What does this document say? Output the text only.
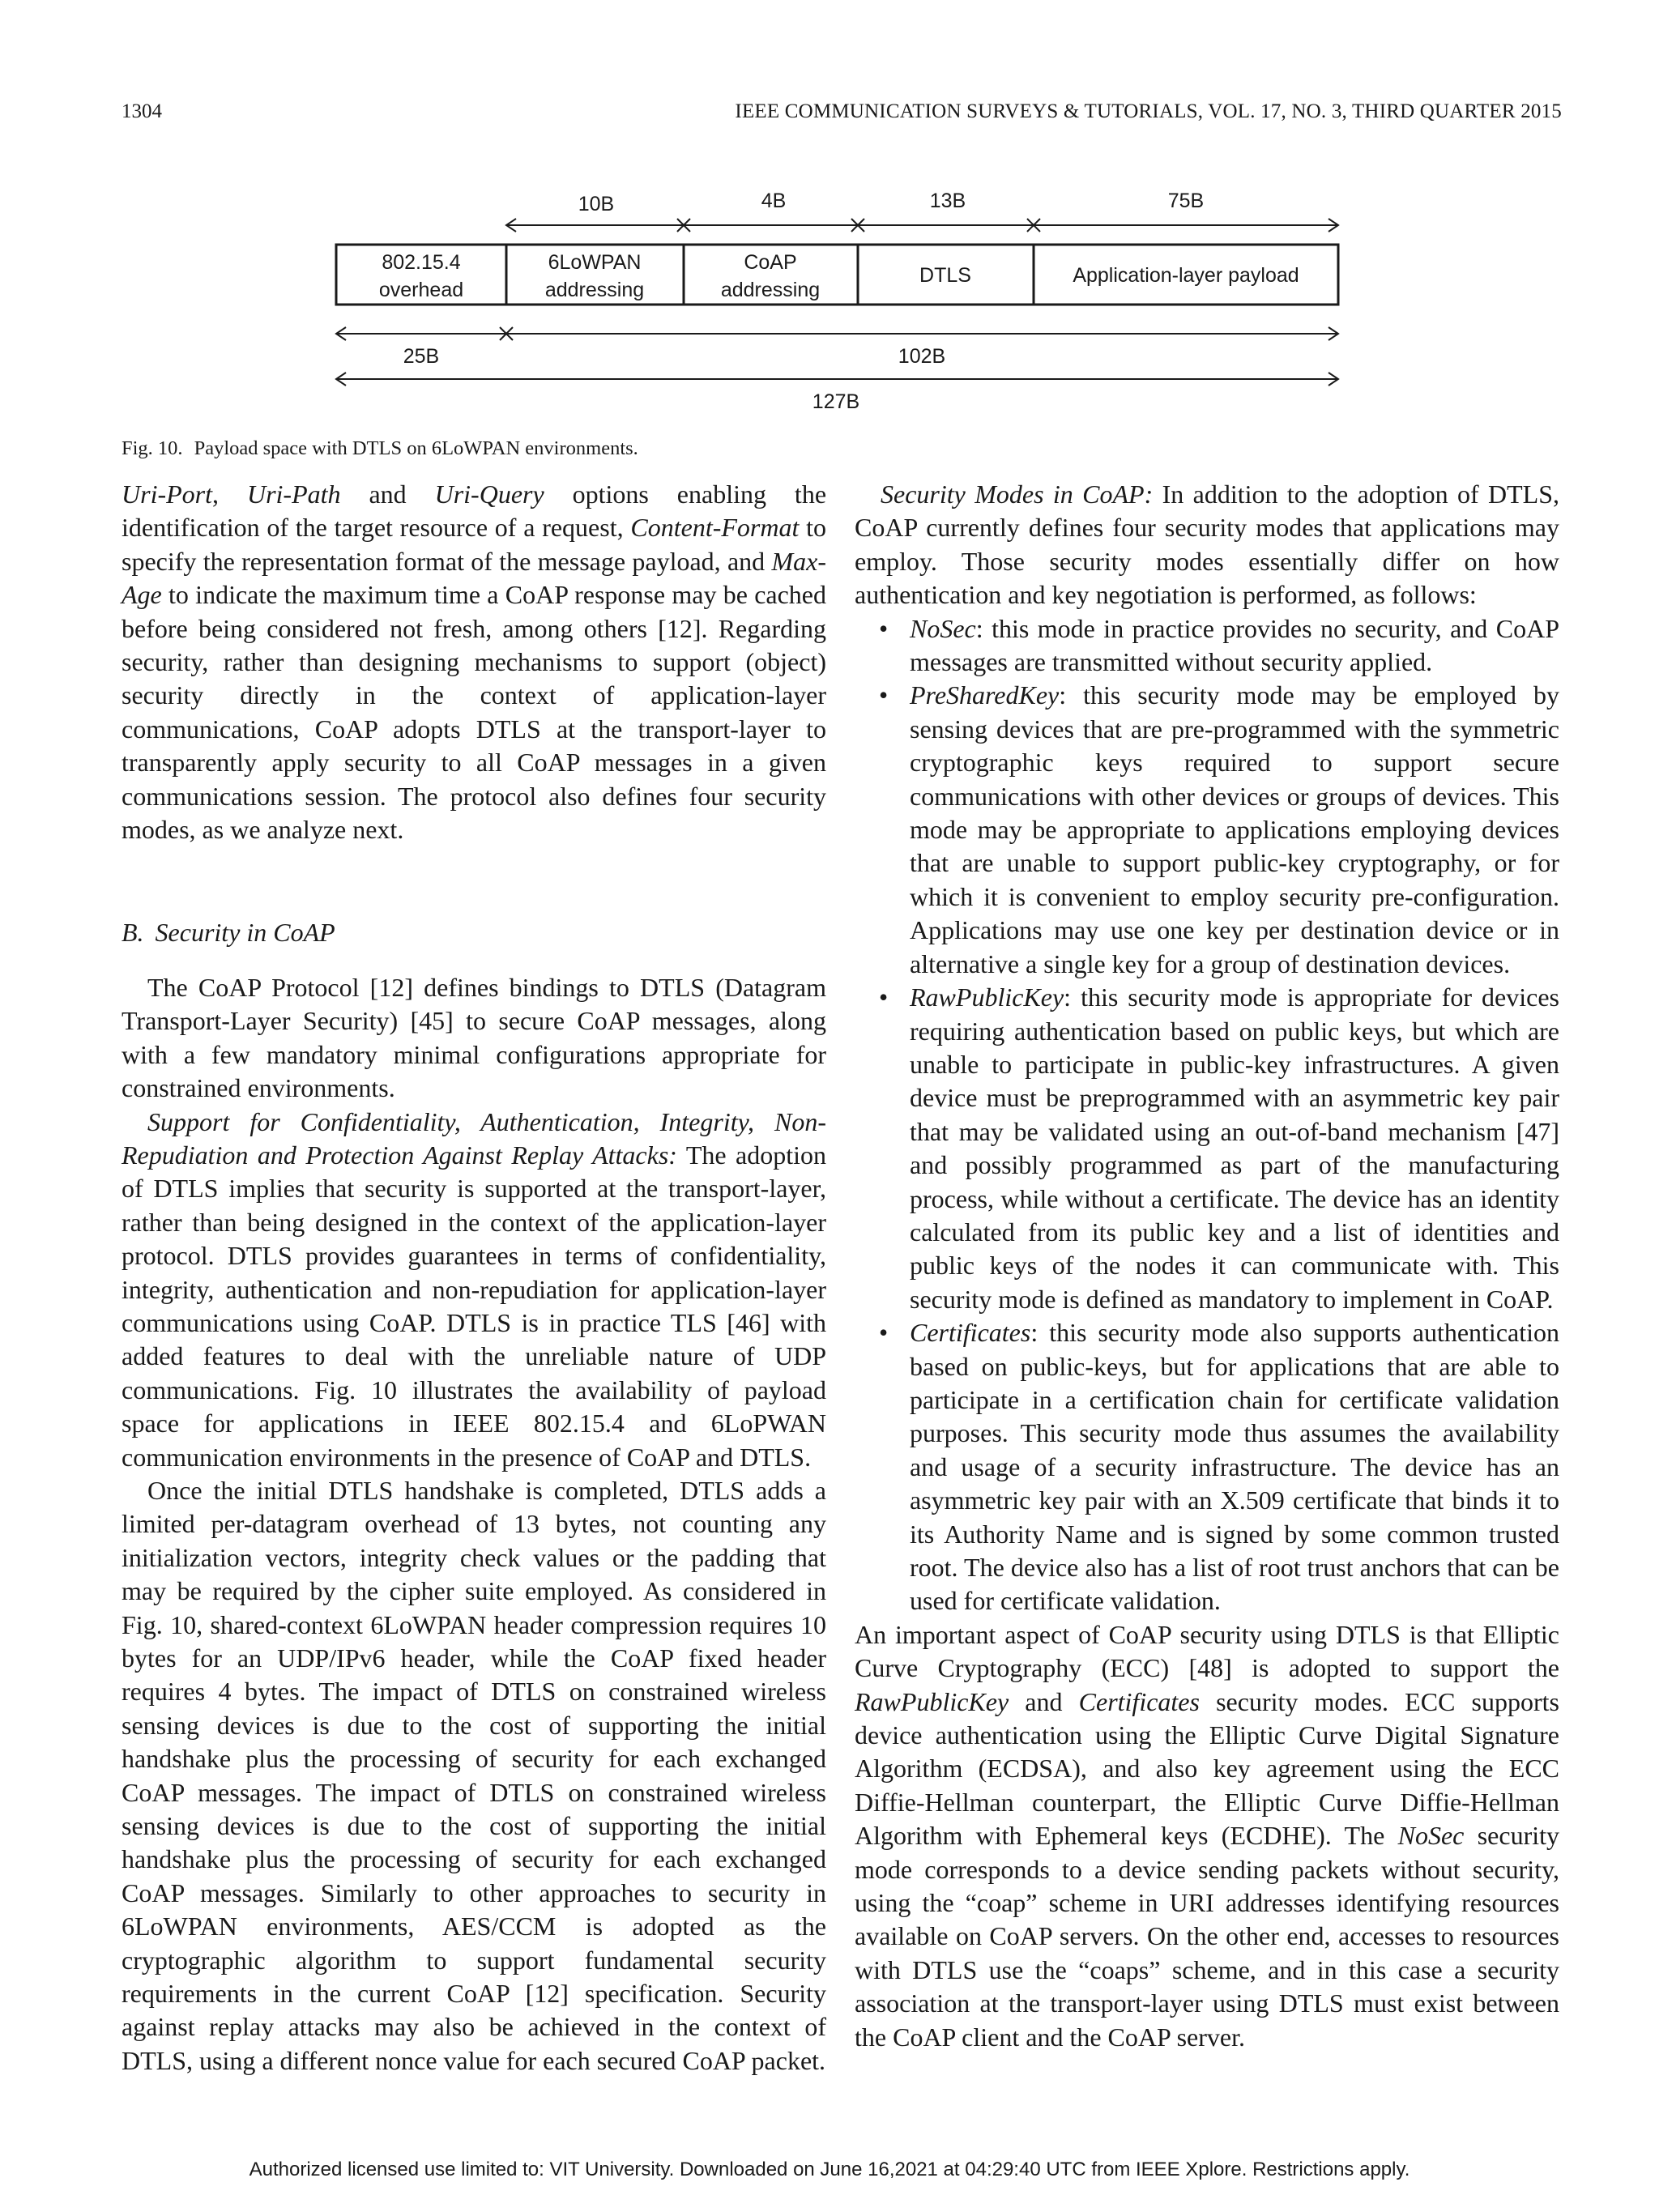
1304	IEEE COMMUNICATION SURVEYS & TUTORIALS, VOL. 17, NO. 3, THIRD QUARTER 2015
10B	4B	13B	75B
802.15.4
overhead
6LoWPAN
addressing
CoAP
addressing
DTLS	Application-layer payload
25B	102B
127B
Fig. 10. Payload space with DTLS on 6LoWPAN environments.

Uri-Port, Uri-Path and Uri-Query options enabling the identification of the target resource of a request, Content-Format to specify the representation format of the message payload, and Max-Age to indicate the maximum time a CoAP response may be cached before being considered not fresh, among others [12]. Regarding security, rather than designing mechanisms to support (object) security directly in the context of application-layer communications, CoAP adopts DTLS at the transport-layer to transparently apply security to all CoAP messages in a given communications session. The protocol also defines four security modes, as we analyze next.

B. Security in CoAP

The CoAP Protocol [12] defines bindings to DTLS (Datagram Transport-Layer Security) [45] to secure CoAP messages, along with a few mandatory minimal configurations appropriate for constrained environments.

Support for Confidentiality, Authentication, Integrity, Non-Repudiation and Protection Against Replay Attacks: The adoption of DTLS implies that security is supported at the transport-layer, rather than being designed in the context of the application-layer protocol. DTLS provides guarantees in terms of confidentiality, integrity, authentication and non-repudiation for application-layer communications using CoAP. DTLS is in practice TLS [46] with added features to deal with the unreliable nature of UDP communications. Fig. 10 illustrates the availability of payload space for applications in IEEE 802.15.4 and 6LoPWAN communication environments in the presence of CoAP and DTLS.

Once the initial DTLS handshake is completed, DTLS adds a limited per-datagram overhead of 13 bytes, not counting any initialization vectors, integrity check values or the padding that may be required by the cipher suite employed. As considered in Fig. 10, shared-context 6LoWPAN header compression requires 10 bytes for an UDP/IPv6 header, while the CoAP fixed header requires 4 bytes. The impact of DTLS on constrained wireless sensing devices is due to the cost of supporting the initial handshake plus the processing of security for each exchanged CoAP messages. The impact of DTLS on constrained wireless sensing devices is due to the cost of supporting the initial handshake plus the processing of security for each exchanged CoAP messages. Similarly to other approaches to security in 6LoWPAN environments, AES/CCM is adopted as the cryptographic algorithm to support fundamental security requirements in the current CoAP [12] specification. Security against replay attacks may also be achieved in the context of DTLS, using a different nonce value for each secured CoAP packet.

Security Modes in CoAP: In addition to the adoption of DTLS, CoAP currently defines four security modes that applications may employ. Those security modes essentially differ on how authentication and key negotiation is performed, as follows:

• NoSec: this mode in practice provides no security, and CoAP messages are transmitted without security applied.
• PreSharedKey: this security mode may be employed by sensing devices that are pre-programmed with the symmetric cryptographic keys required to support secure communications with other devices or groups of devices. This mode may be appropriate to applications employing devices that are unable to support public-key cryptography, or for which it is convenient to employ security pre-configuration. Applications may use one key per destination device or in alternative a single key for a group of destination devices.
• RawPublicKey: this security mode is appropriate for devices requiring authentication based on public keys, but which are unable to participate in public-key infrastructures. A given device must be preprogrammed with an asymmetric key pair that may be validated using an out-of-band mechanism [47] and possibly programmed as part of the manufacturing process, while without a certificate. The device has an identity calculated from its public key and a list of identities and public keys of the nodes it can communicate with. This security mode is defined as mandatory to implement in CoAP.
• Certificates: this security mode also supports authentication based on public-keys, but for applications that are able to participate in a certification chain for certificate validation purposes. This security mode thus assumes the availability and usage of a security infrastructure. The device has an asymmetric key pair with an X.509 certificate that binds it to its Authority Name and is signed by some common trusted root. The device also has a list of root trust anchors that can be used for certificate validation.

An important aspect of CoAP security using DTLS is that Elliptic Curve Cryptography (ECC) [48] is adopted to support the RawPublicKey and Certificates security modes. ECC supports device authentication using the Elliptic Curve Digital Signature Algorithm (ECDSA), and also key agreement using the ECC Diffie-Hellman counterpart, the Elliptic Curve Diffie-Hellman Algorithm with Ephemeral keys (ECDHE). The NoSec security mode corresponds to a device sending packets without security, using the “coap” scheme in URI addresses identifying resources available on CoAP servers. On the other end, accesses to resources with DTLS use the “coaps” scheme, and in this case a security association at the transport-layer using DTLS must exist between the CoAP client and the CoAP server.

Authorized licensed use limited to: VIT University. Downloaded on June 16,2021 at 04:29:40 UTC from IEEE Xplore. Restrictions apply.
